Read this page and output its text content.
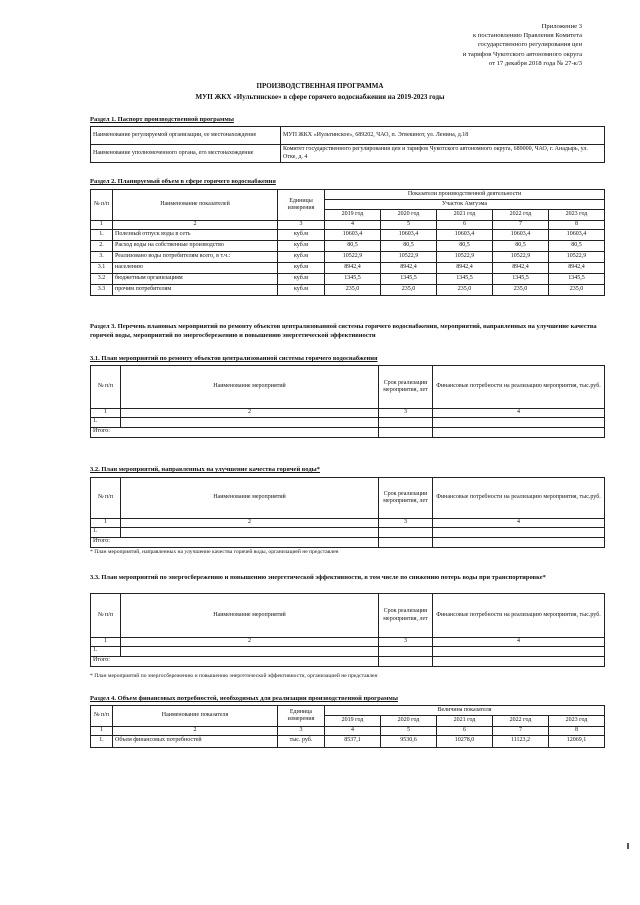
Приложение 3
к постановлению Правления Комитета
государственного регулирования цен
и тарифов Чукотского автономного округа
от 17 декабря 2018 года № 27-к/3
ПРОИЗВОДСТВЕННАЯ ПРОГРАММА
МУП ЖКХ «Иультинское» в сфере горячего водоснабжения на 2019-2023 годы
Раздел 1. Паспорт производственной программы
Наименование регулируемой организации, ее местонахождение	МУП ЖКХ «Иультинское», 689202, ЧАО, п. Эгвекинот, ул. Ленина, д.18
Наименование уполномоченного органа, его местонахождение	Комитет государственного регулирования цен и тарифов Чукотского автономного округа, 689000, ЧАО, г. Анадырь, ул. Отке, д. 4
Раздел 2. Планируемый объем в сфере горячего водоснабжения
№ п/п	Наименование показателей	Единицы измерения	Показатели производственной деятельности				
			Участок Амгуэма				
			2019 год	2020 год	2021 год	2022 год	2023 год
1	2	3	4	5	6	7	8
1.	Полезный отпуск воды в сеть	куб.м	10603,4	10603,4	10603,4	10603,4	10603,4
2.	Расход воды на собственные производство	куб.м	80,5	80,5	80,5	80,5	80,5
3.	Реализовано воды потребителям всего, в т.ч.:	куб.м	10522,9	10522,9	10522,9	10522,9	10522,9
3.1	населению	куб.м	8942,4	8942,4	8942,4	8942,4	8942,4
3.2	бюджетным организациям	куб.м	1345,5	1345,5	1345,5	1345,5	1345,5
3.3	прочим потребителям	куб.м	235,0	235,0	235,0	235,0	235,0
Раздел 3. Перечень плановых мероприятий по ремонту объектов централизованной системы горячего водоснабжения, мероприятий, направленных на улучшение качества горячей воды, мероприятий по энергосбережению и повышению энергетической эффективности
3.1. План мероприятий по ремонту объектов централизованной системы горячего водоснабжения
№ п/п	Наименование мероприятий	Срок реализации мероприятия, лет	Финансовые потребности на реализацию мероприятия, тыс.руб.
1	2	3	4
1.			
Итого:			
3.2. План мероприятий, направленных на улучшение качества горячей воды*
№ п/п	Наименование мероприятий	Срок реализации мероприятия, лет	Финансовые потребности на реализацию мероприятия, тыс.руб.
1	2	3	4
1.			
Итого:			
* План мероприятий, направленных на улучшение качества горячей воды, организацией не представлен
3.3. План мероприятий по энергосбережению и повышению энергетической эффективности, в том числе по снижению потерь воды при транспортировке*
№ п/п	Наименование мероприятий	Срок реализации мероприятия, лет	Финансовые потребности на реализацию мероприятия, тыс.руб.
1	2	3	4
1.			
Итого:			
* План мероприятий по энергосбережению и повышению энергетической эффективности, организацией не представлен
Раздел 4. Объем финансовых потребностей, необходимых для реализации производственной программы
№ п/п	Наименование показателя	Единица измерения	Величина показателя				
			2019 год	2020 год	2021 год	2022 год	2023 год
1	2	3	4	5	6	7	8
1.	Объем финансовых потребностей	тыс. руб.	8537,1	9530,6	10278,0	11123,2	12069,1
